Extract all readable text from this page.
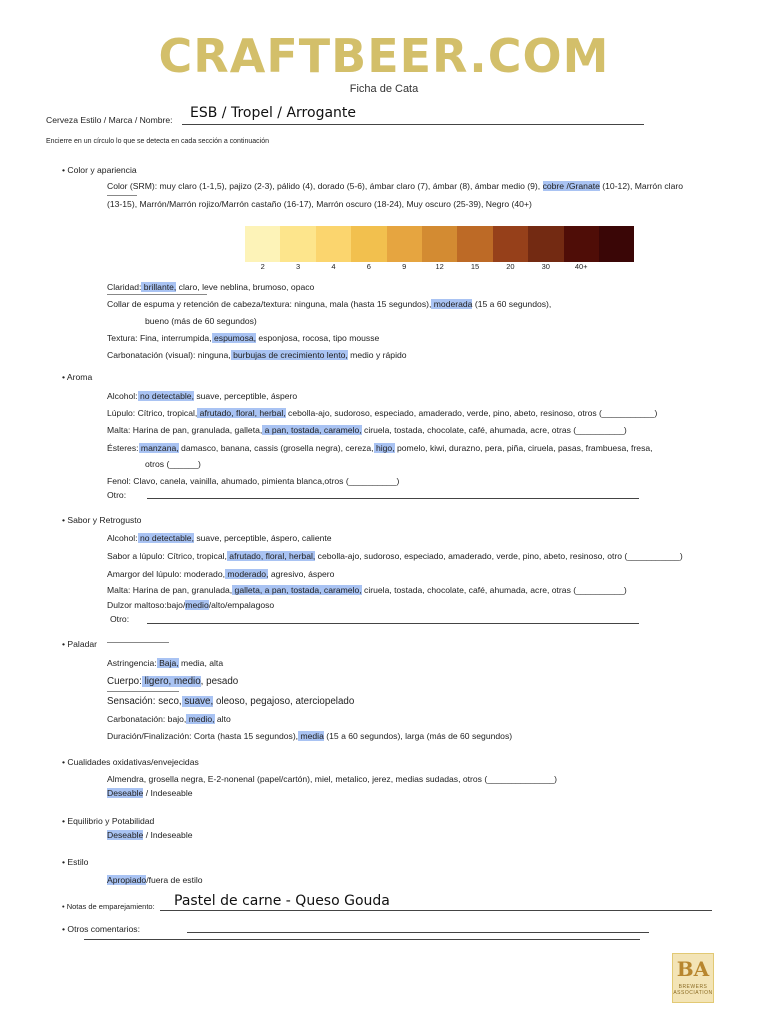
CRAFTBEER.COM
Ficha de Cata
Cerveza Estilo / Marca / Nombre: ESB / Tropel / Arrogante
Encierre en un círculo lo que se detecta en cada sección a continuación
• Color y apariencia
Color (SRM): muy claro (1-1,5), pajizo (2-3), pálido (4), dorado (5-6), ámbar claro (7), ámbar (8), ámbar medio (9), cobre /Granate (10-12), Marrón claro
(13-15), Marrón/Marrón rojizo/Marrón castaño (16-17), Marrón oscuro (18-24), Muy oscuro (25-39), Negro (40+)
2	3	4	6	9	12	15	20	30	40+
Claridad: brillante, claro, leve neblina, brumoso, opaco
Collar de espuma y retención de cabeza/textura: ninguna, mala (hasta 15 segundos), moderada (15 a 60 segundos),
bueno (más de 60 segundos)
Textura: Fina, interrumpida, espumosa, esponjosa, rocosa, tipo mousse
Carbonatación (visual): ninguna, burbujas de crecimiento lento, medio y rápido
• Aroma
Alcohol: no detectable, suave, perceptible, áspero
Lúpulo: Cítrico, tropical, afrutado, floral, herbal, cebolla-ajo, sudoroso, especiado, amaderado, verde, pino, abeto, resinoso, otros (___________)
Malta: Harina de pan, granulada, galleta, a pan, tostada, caramelo, ciruela, tostada, chocolate, café, ahumada, acre, otras (__________)
Ésteres: manzana, damasco, banana, cassis (grosella negra), cereza, higo, pomelo, kiwi, durazno, pera, piña, ciruela, pasas, frambuesa, fresa,
otros (______)
Fenol: Clavo, canela, vainilla, ahumado, pimienta blanca,otros (__________)
Otro:
• Sabor y Retrogusto
Alcohol: no detectable, suave, perceptible, áspero, caliente
Sabor a lúpulo: Cítrico, tropical, afrutado, floral, herbal, cebolla-ajo, sudoroso, especiado, amaderado, verde, pino, abeto, resinoso, otro (___________)
Amargor del lúpulo: moderado, moderado, agresivo, áspero
Malta: Harina de pan, granulada, galleta, a pan, tostada, caramelo, ciruela, tostada, chocolate, café, ahumada, acre, otras (__________)
Dulzor maltoso:bajo/medio/alto/empalagoso
Otro:
• Paladar
Astringencia: Baja, media, alta
Cuerpo: ligero, medio, pesado
Sensación: seco, suave, oleoso, pegajoso, aterciopelado
Carbonatación: bajo, medio, alto
Duración/Finalización: Corta (hasta 15 segundos), media (15 a 60 segundos), larga (más de 60 segundos)
• Cualidades oxidativas/envejecidas
Almendra, grosella negra, E-2-nonenal (papel/cartón), miel, metalico, jerez, medias sudadas, otros (______________)
Deseable / Indeseable
• Equilibrio y Potabilidad
Deseable / Indeseable
• Estilo
Apropiado/fuera de estilo
• Notas de emparejamiento: Pastel de carne - Queso Gouda
• Otros comentarios:
BA
BREWERS
ASSOCIATION
